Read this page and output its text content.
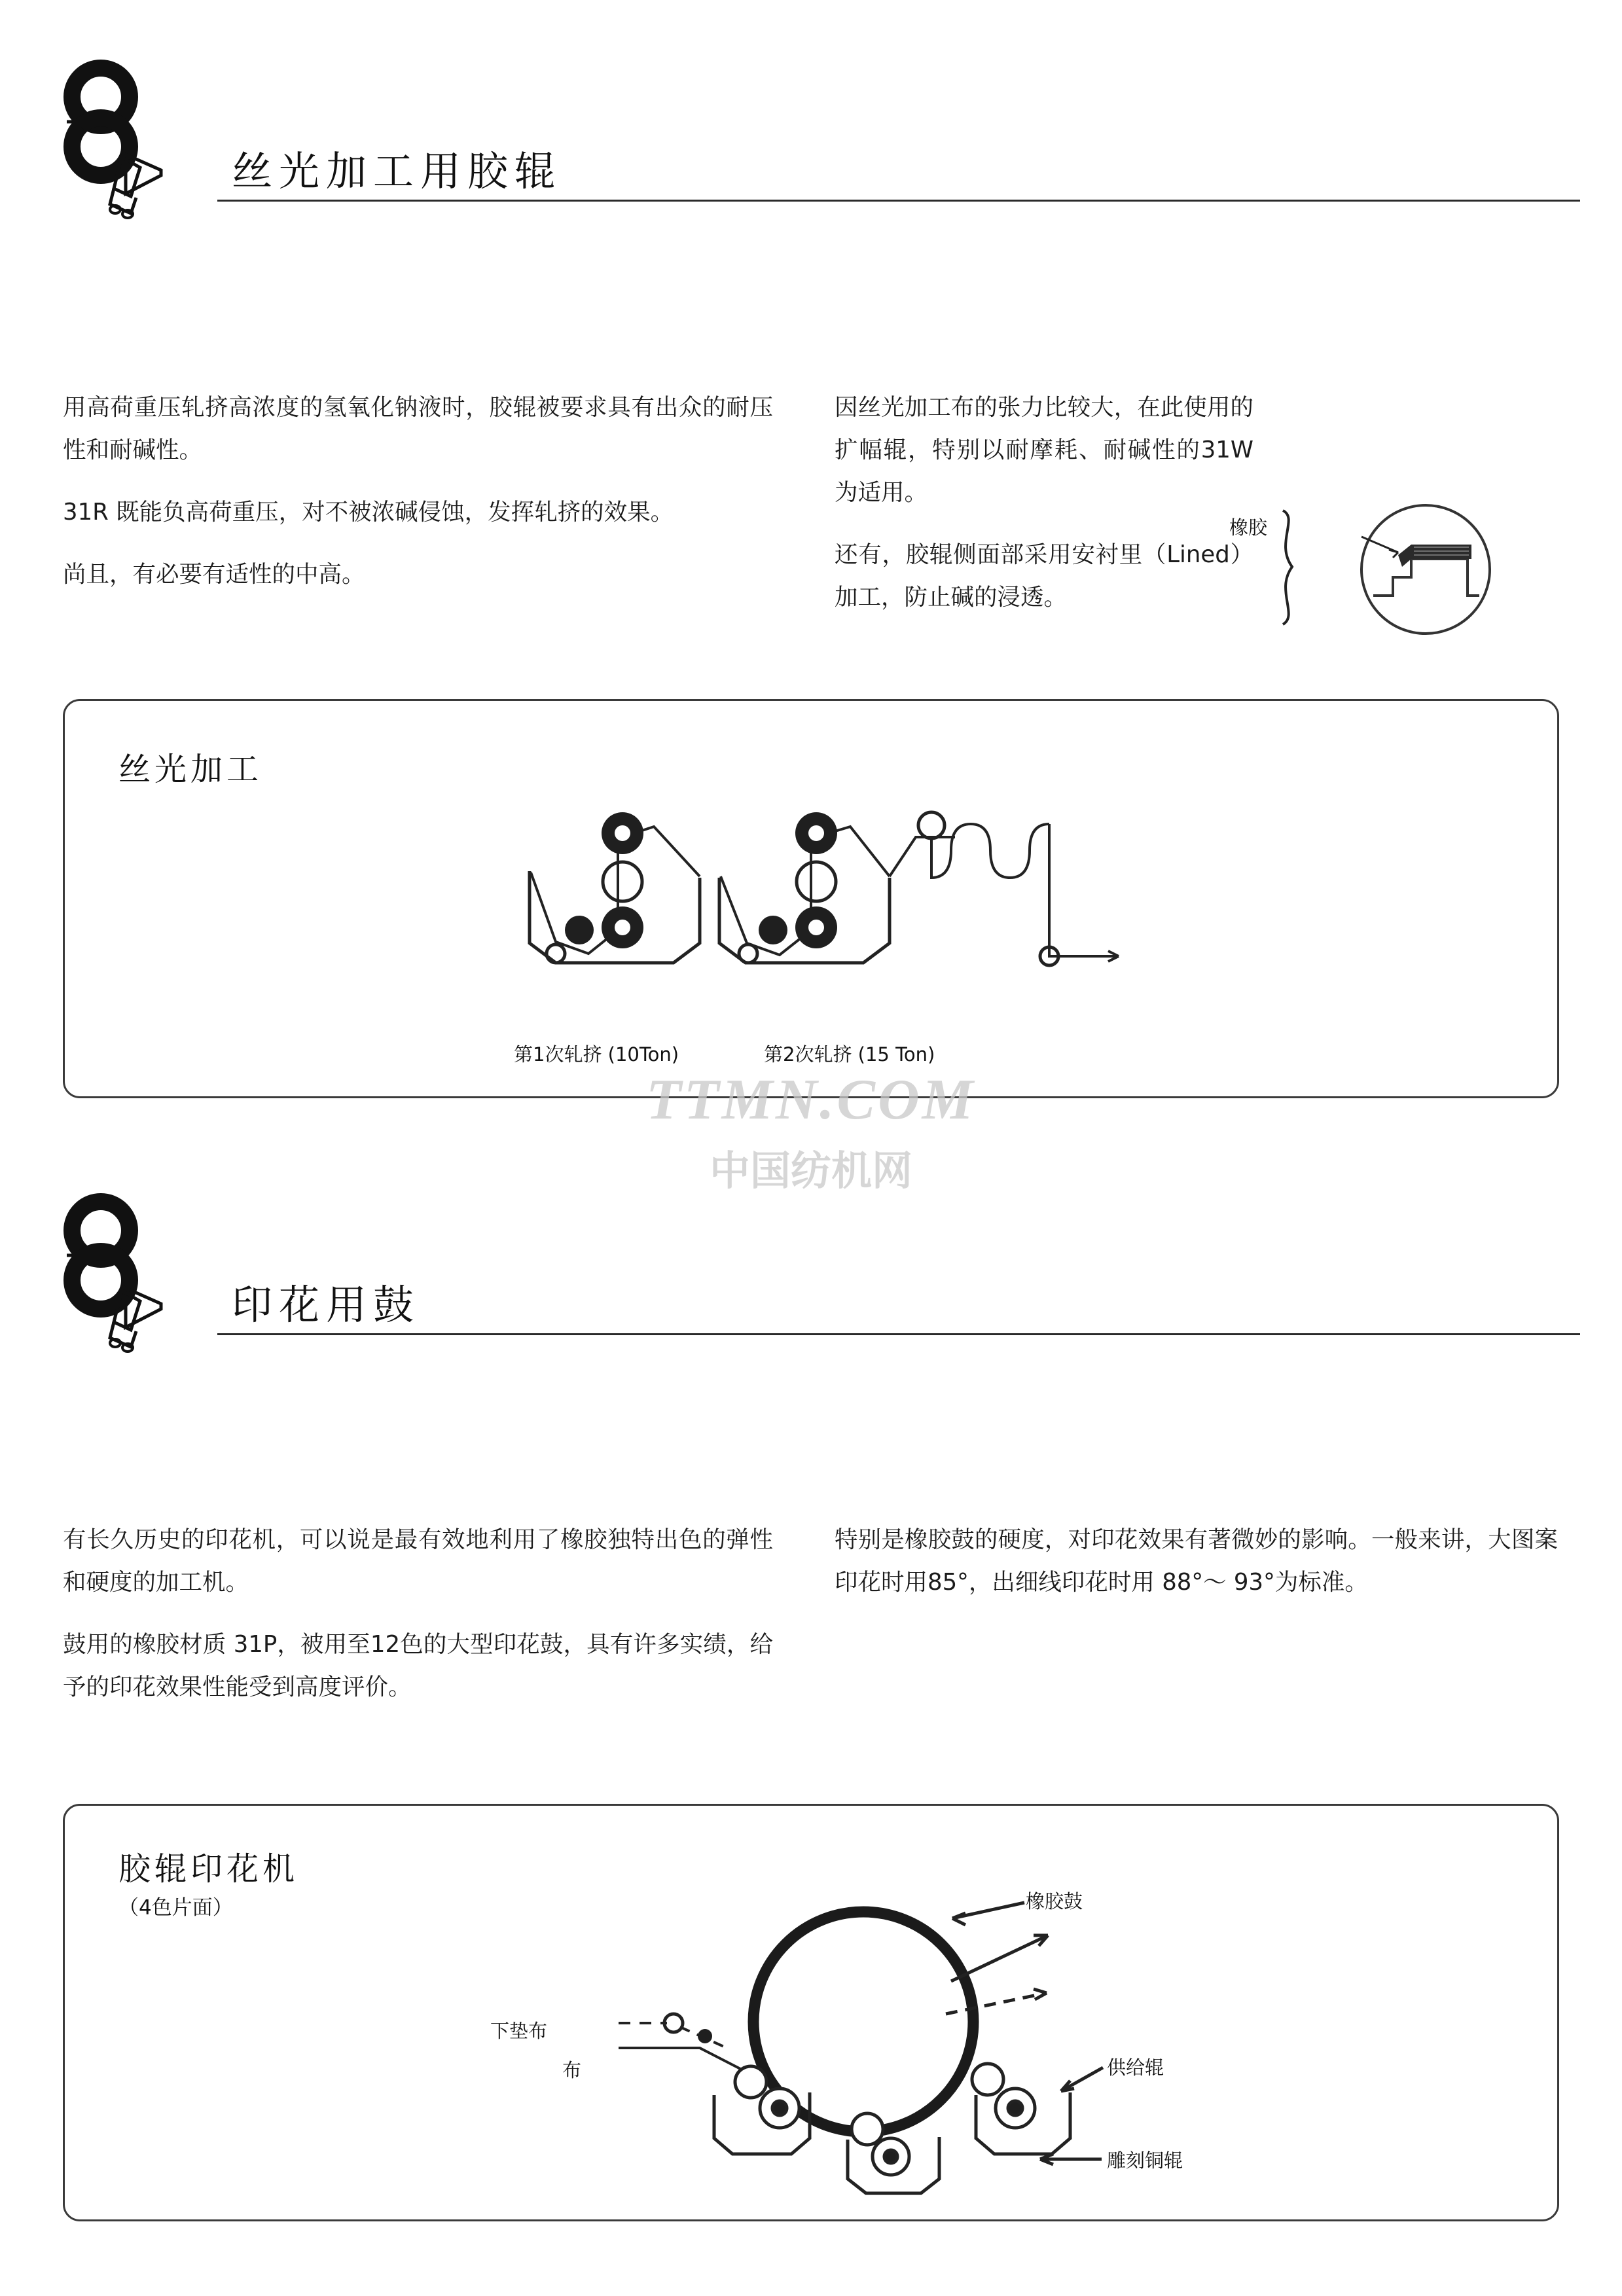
丝光加工用胶辊

用高荷重压轧挤高浓度的氢氧化钠液时，胶辊被要求具有出众的耐压性和耐碱性。

31R 既能负高荷重压，对不被浓碱侵蚀，发挥轧挤的效果。

尚且，有必要有适性的中高。

因丝光加工布的张力比较大，在此使用的扩幅辊，特别以耐摩耗、耐碱性的31W为适用。

还有，胶辊侧面部采用安衬里（Lined）加工，防止碱的浸透。

橡胶
丝光加工
第1次轧挤 (10Ton)	第2次轧挤 (15 Ton)
TTMN.COM
中国纺机网
印花用鼓

有长久历史的印花机，可以说是最有效地利用了橡胶独特出色的弹性和硬度的加工机。

鼓用的橡胶材质 31P，被用至12色的大型印花鼓，具有许多实绩，给予的印花效果性能受到高度评价。

特别是橡胶鼓的硬度，对印花效果有著微妙的影响。一般来讲，大图案印花时用85°，出细线印花时用 88°～ 93°为标准。

胶辊印花机
（4色片面）	橡胶鼓
下垫布
布	供给辊
雕刻铜辊
